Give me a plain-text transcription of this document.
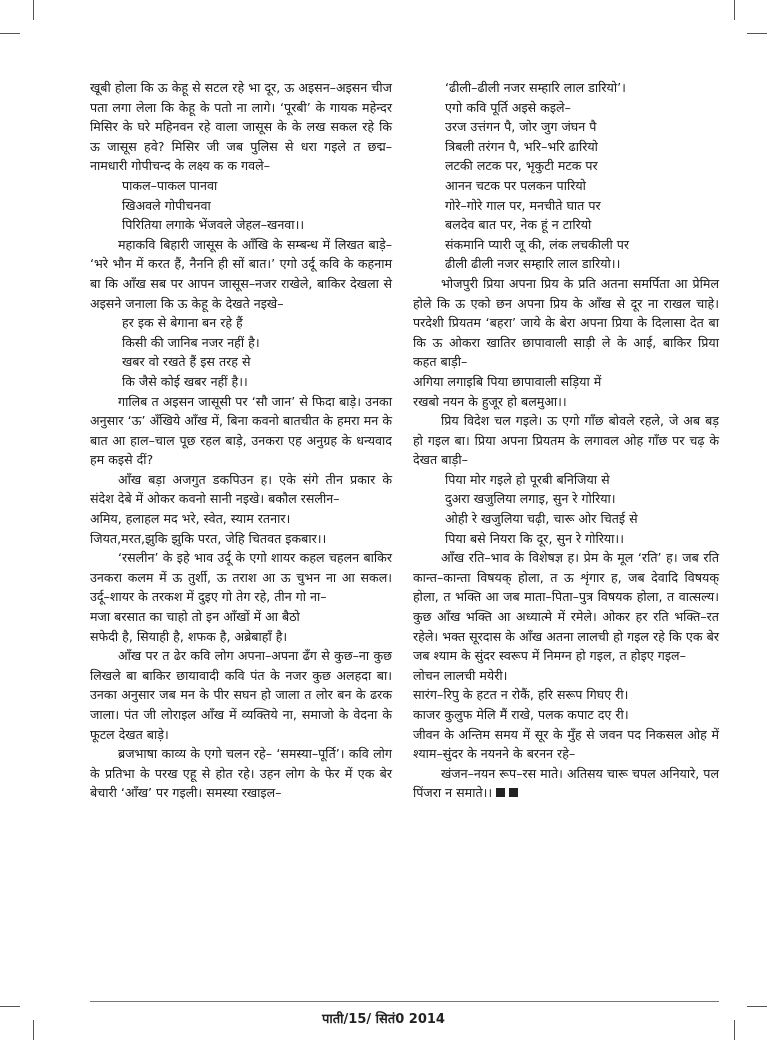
खूबी होला कि ऊ केहू से सटल रहे भा दूर, ऊ अइसन–अइसन चीज पता लगा लेला कि केहू के पतो ना लागे। ‘पूरबी’ के गायक महेन्दर मिसिर के घरे महिनवन रहे वाला जासूस के के लख सकल रहे कि ऊ जासूस हवे? मिसिर जी जब पुलिस से धरा गइले त छद्म–नामधारी गोपीचन्द के लक्ष्य क क गवले–

पाकल–पाकल पानवा

खिअवले गोपीचनवा

पिरितिया लगाके भेंजवले जेहल–खनवा।।

महाकवि बिहारी जासूस के आँखि के सम्बन्ध में लिखत बाड़े– ‘भरे भौन में करत हैं, नैननि ही सों बात।’ एगो उर्दू कवि के कहनाम बा कि आँख सब पर आपन जासूस–नजर राखेले, बाकिर देखला से अइसने जनाला कि ऊ केहू के देखते नइखे–

हर इक से बेगाना बन रहे हैं

किसी की जानिब नजर नहीं है।

खबर वो रखते हैं इस तरह से

कि जैसे कोई खबर नहीं है।।

गालिब त अइसन जासूसी पर ‘सौ जान’ से फिदा बाड़े। उनका अनुसार ‘ऊ’ अँखिये आँख में, बिना कवनो बातचीत के हमरा मन के बात आ हाल–चाल पूछ रहल बाड़े, उनकरा एह अनुग्रह के धन्यवाद हम कइसे दीं?

आँख बड़ा अजगुत डकपिउन ह। एके संगे तीन प्रकार के संदेश देबे में ओकर कवनो सानी नइखे। बकौल रसलीन–

अमिय, हलाहल मद भरे, स्वेत, स्याम रतनार।

जियत,मरत,झुकि झुकि परत, जेहि चितवत इकबार।।

‘रसलीन’ के इहे भाव उर्दू के एगो शायर कहल चहलन बाकिर उनकरा कलम में ऊ तुर्शी, ऊ तराश आ ऊ चुभन ना आ सकल। उर्दू–शायर के तरकश में दुइए गो तेग रहे, तीन गो ना–

मजा बरसात का चाहो तो इन आँखों में आ बैठो

सफेदी है, सियाही है, शफक है, अब्रेबाहाँ है।

आँख पर त ढेर कवि लोग अपना–अपना ढँग से कुछ–ना कुछ लिखले बा बाकिर छायावादी कवि पंत के नजर कुछ अलहदा बा। उनका अनुसार जब मन के पीर सघन हो जाला त लोर बन के ढरक जाला। पंत जी लोराइल आँख में व्यक्तिये ना, समाजो के वेदना के फूटल देखत बाड़े।

ब्रजभाषा काव्य के एगो चलन रहे– ‘समस्या–पूर्ति’। कवि लोग के प्रतिभा के परख एहू से होत रहे। उहन लोग के फेर में एक बेर बेचारी ‘आँख’ पर गइली। समस्या रखाइल–

‘ढीली–ढीली नजर सम्हारि लाल डारियो’।

एगो कवि पूर्ति अइसे कइले–

उरज उत्तंगन पै, जोर जुग जंघन पै

त्रिबली तरंगन पै, भरि–भरि ढारियो

लटकी लटक पर, भृकुटी मटक पर

आनन चटक पर पलकन पारियो

गोरे–गोरे गाल पर, मनचीते घात पर

बलदेव बात पर, नेक हूं न टारियो

संकमानि प्यारी जू की, लंक लचकीली पर

ढीली ढीली नजर सम्हारि लाल डारियो।।

भोजपुरी प्रिया अपना प्रिय के प्रति अतना समर्पिता आ प्रेमिल होले कि ऊ एको छन अपना प्रिय के आँख से दूर ना राखल चाहे। परदेशी प्रियतम ‘बहरा’ जाये के बेरा अपना प्रिया के दिलासा देत बा कि ऊ ओकरा खातिर छापावाली साड़ी ले के आई, बाकिर प्रिया कहत बाड़ी–

अगिया लगाइबि पिया छापावाली सड़िया में

रखबो नयन के हुजूर हो बलमुआ।।

प्रिय विदेश चल गइले। ऊ एगो गाँछ बोवले रहले, जे अब बड़ हो गइल बा। प्रिया अपना प्रियतम के लगावल ओह गाँछ पर चढ़ के देखत बाड़ी–

पिया मोर गइले हो पूरबी बनिजिया से

दुअरा खजुलिया लगाइ, सुन रे गोरिया।

ओही रे खजुलिया चढ़ी, चारू ओर चितई से

पिया बसे नियरा कि दूर, सुन रे गोरिया।।

आँख रति–भाव के विशेषज्ञ ह। प्रेम के मूल ‘रति’ ह। जब रति कान्त–कान्ता विषयक् होला, त ऊ शृंगार ह, जब देवादि विषयक् होला, त भक्ति आ जब माता–पिता–पुत्र विषयक होला, त वात्सल्य। कुछ आँख भक्ति आ अध्यात्मे में रमेले। ओकर हर रति भक्ति–रत रहेले। भक्त सूरदास के आँख अतना लालची हो गइल रहे कि एक बेर जब श्याम के सुंदर स्वरूप में निमग्न हो गइल, त होइए गइल–

लोचन लालची मयेरी।

सारंग–रिपु के हटत न रोकैं, हरि सरूप गिघए री।

काजर कुलुफ मेलि मैं राखे, पलक कपाट दए री।

जीवन के अन्तिम समय में सूर के मुँह से जवन पद निकसल ओह में श्याम–सुंदर के नयनने के बरनन रहे–

खंजन–नयन रूप–रस माते। अतिसय चारू चपल अनियारे, पल पिंजरा न समाते।।

पाती/15/ सितं0 2014
